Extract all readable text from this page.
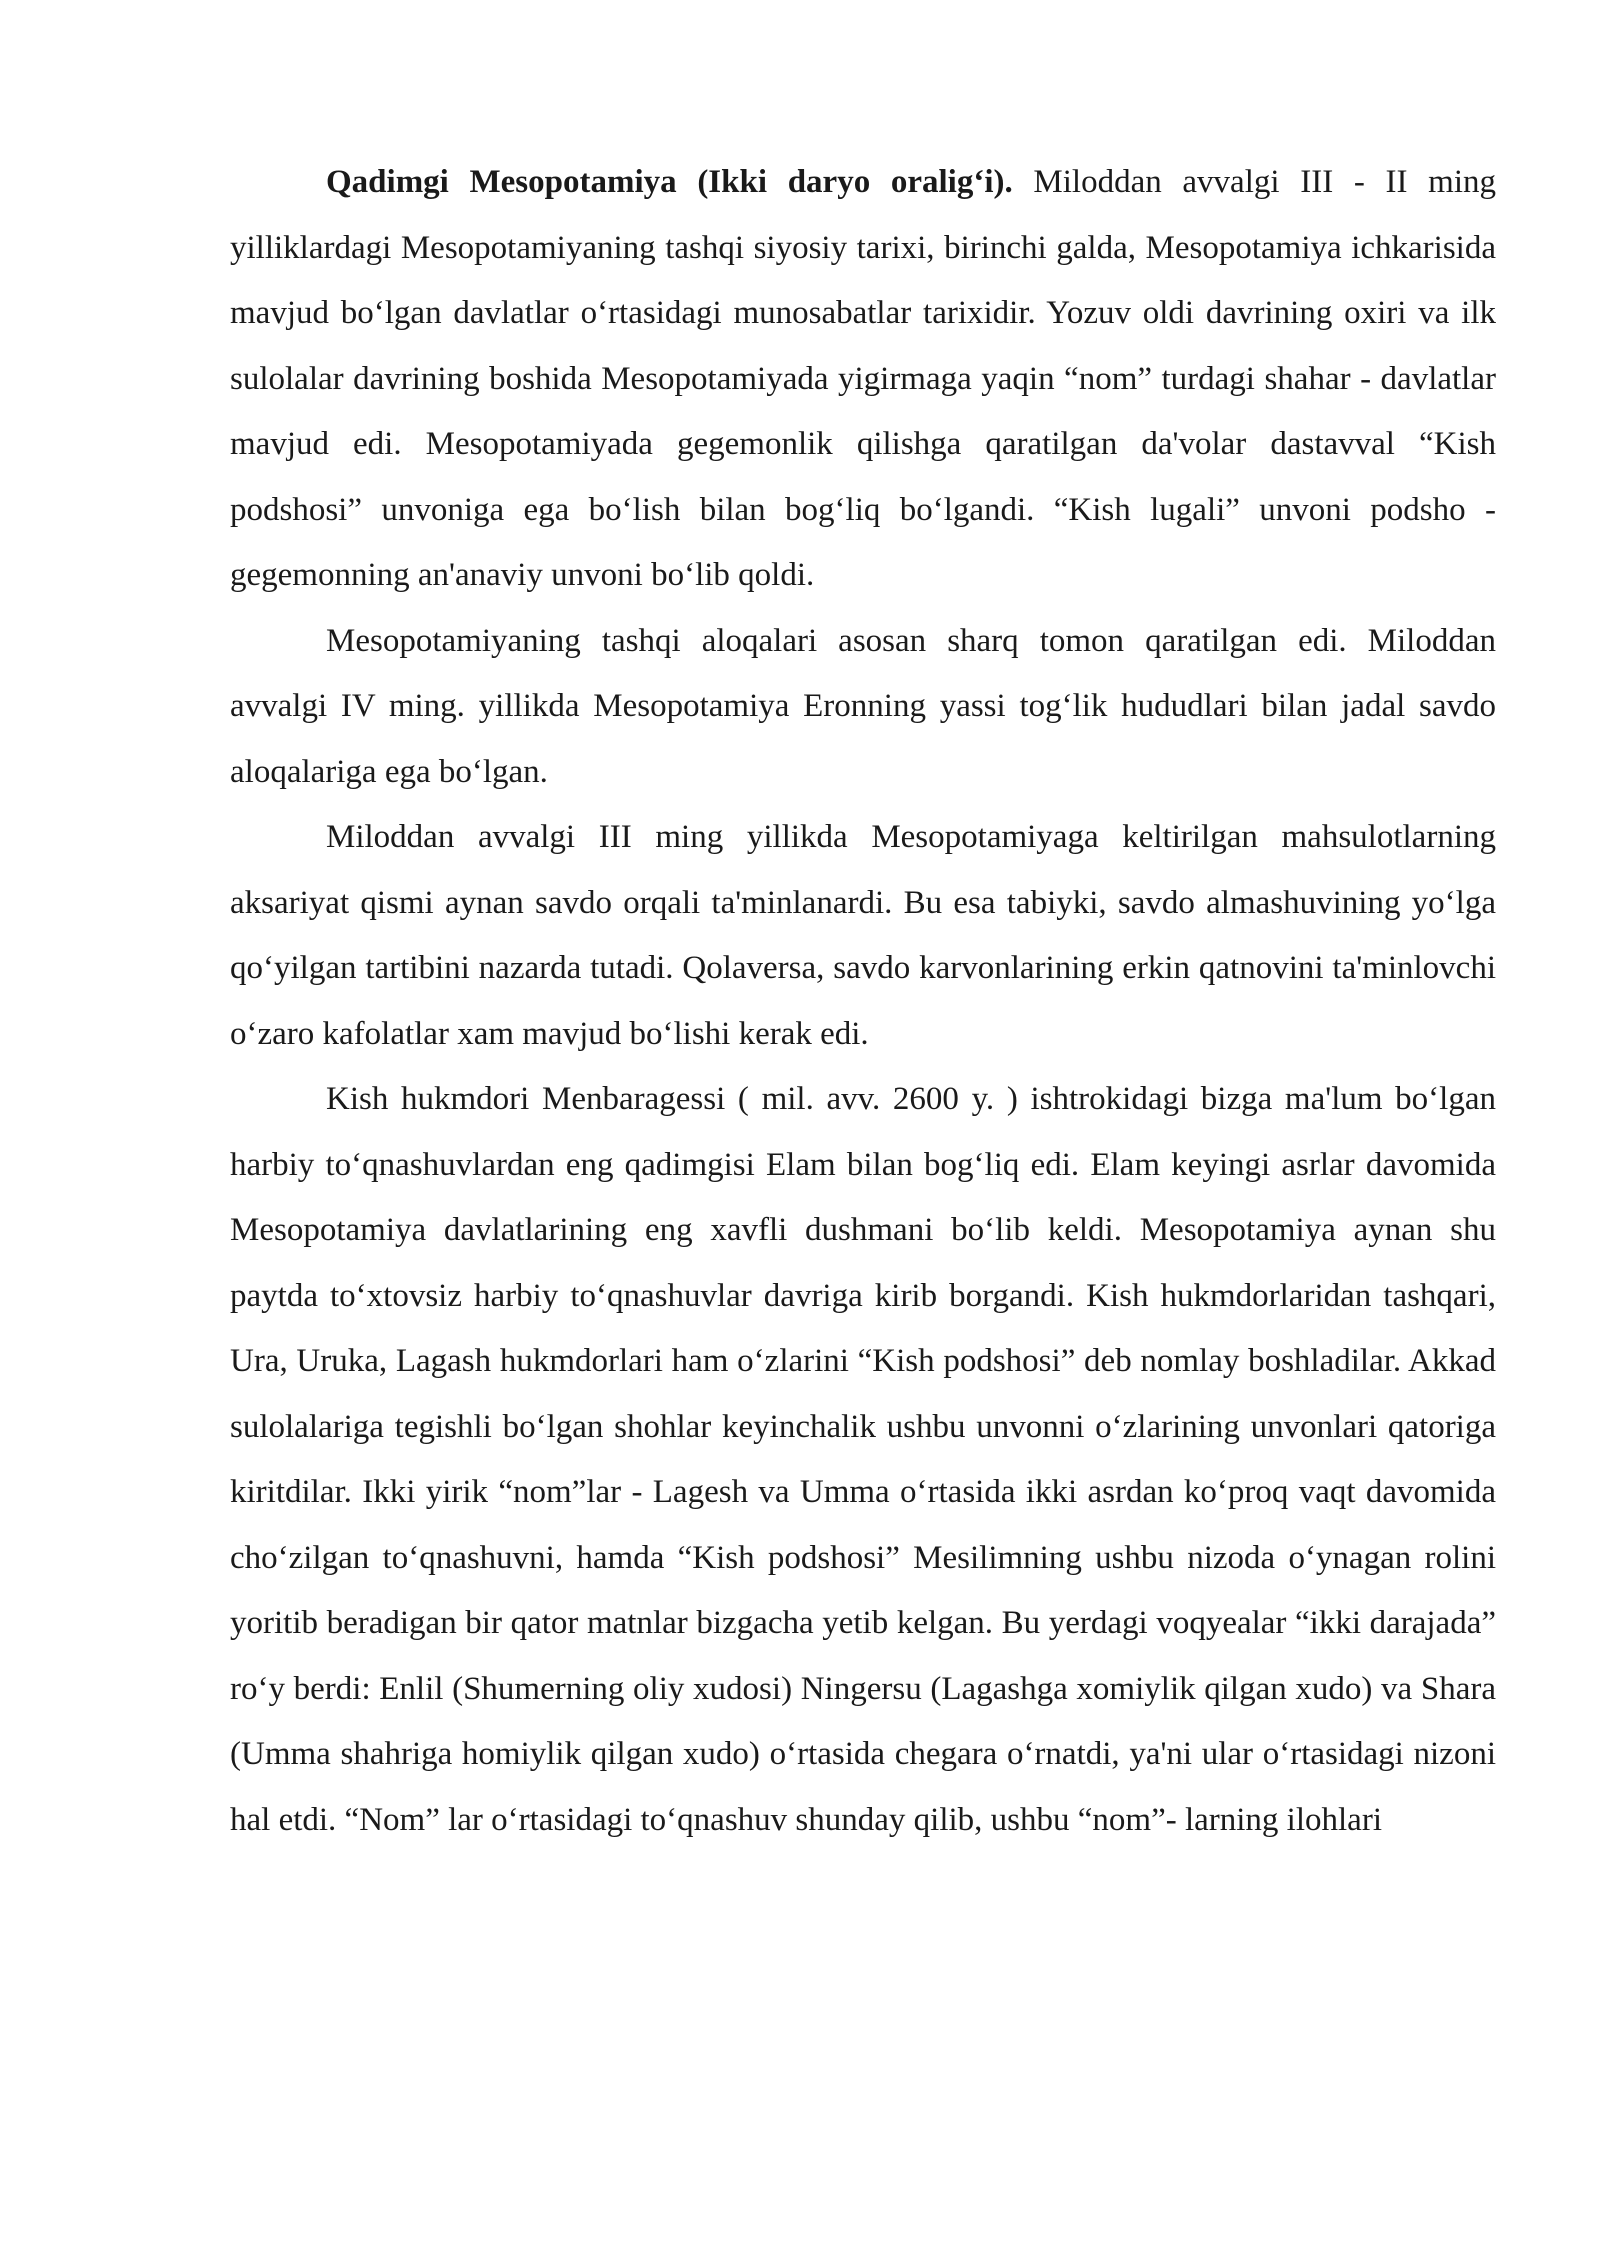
Qadimgi Mesopotamiya (Ikki daryo oralig‘i). Miloddan avvalgi III - II ming yilliklardagi Mesopotamiyaning tashqi siyosiy tarixi, birinchi galda, Mesopotamiya ichkarisida mavjud bo‘lgan davlatlar o‘rtasidagi munosabatlar tarixidir. Yozuv oldi davrining oxiri va ilk sulolalar davrining boshida Mesopotamiyada yigirmaga yaqin “nom” turdagi shahar - davlatlar mavjud edi. Mesopotamiyada gegemonlik qilishga qaratilgan da'volar dastavval “Kish podshosi” unvoniga ega bo‘lish bilan bog‘liq bo‘lgandi. “Kish lugali” unvoni podsho - gegemonning an'anaviy unvoni bo‘lib qoldi.

Mesopotamiyaning tashqi aloqalari asosan sharq tomon qaratilgan edi. Miloddan avvalgi IV ming. yillikda Mesopotamiya Eronning yassi tog‘lik hududlari bilan jadal savdo aloqalariga ega bo‘lgan.

Miloddan avvalgi III ming yillikda Mesopotamiyaga keltirilgan mahsulotlarning aksariyat qismi aynan savdo orqali ta'minlanardi. Bu esa tabiyki, savdo almashuvining yo‘lga qo‘yilgan tartibini nazarda tutadi. Qolaversa, savdo karvonlarining erkin qatnovini ta'minlovchi o‘zaro kafolatlar xam mavjud bo‘lishi kerak edi.

Kish hukmdori Menbaragessi ( mil. avv. 2600 y. ) ishtrokidagi bizga ma'lum bo‘lgan harbiy to‘qnashuvlardan eng qadimgisi Elam bilan bog‘liq edi. Elam keyingi asrlar davomida Mesopotamiya davlatlarining eng xavfli dushmani bo‘lib keldi. Mesopotamiya aynan shu paytda to‘xtovsiz harbiy to‘qnashuvlar davriga kirib borgandi. Kish hukmdorlaridan tashqari, Ura, Uruka, Lagash hukmdorlari ham o‘zlarini “Kish podshosi” deb nomlay boshladilar. Akkad sulolalariga tegishli bo‘lgan shohlar keyinchalik ushbu unvonni o‘zlarining unvonlari qatoriga kiritdilar. Ikki yirik “nom”lar - Lagesh va Umma o‘rtasida ikki asrdan ko‘proq vaqt davomida cho‘zilgan to‘qnashuvni, hamda “Kish podshosi” Mesilimning ushbu nizoda o‘ynagan rolini yoritib beradigan bir qator matnlar bizgacha yetib kelgan. Bu yerdagi voqyealar “ikki darajada” ro‘y berdi: Enlil (Shumerning oliy xudosi) Ningersu (Lagashga xomiylik qilgan xudo) va Shara (Umma shahriga homiylik qilgan xudo) o‘rtasida chegara o‘rnatdi, ya'ni ular o‘rtasidagi nizoni hal etdi. “Nom” lar o‘rtasidagi to‘qnashuv shunday qilib, ushbu “nom”- larning ilohlari
